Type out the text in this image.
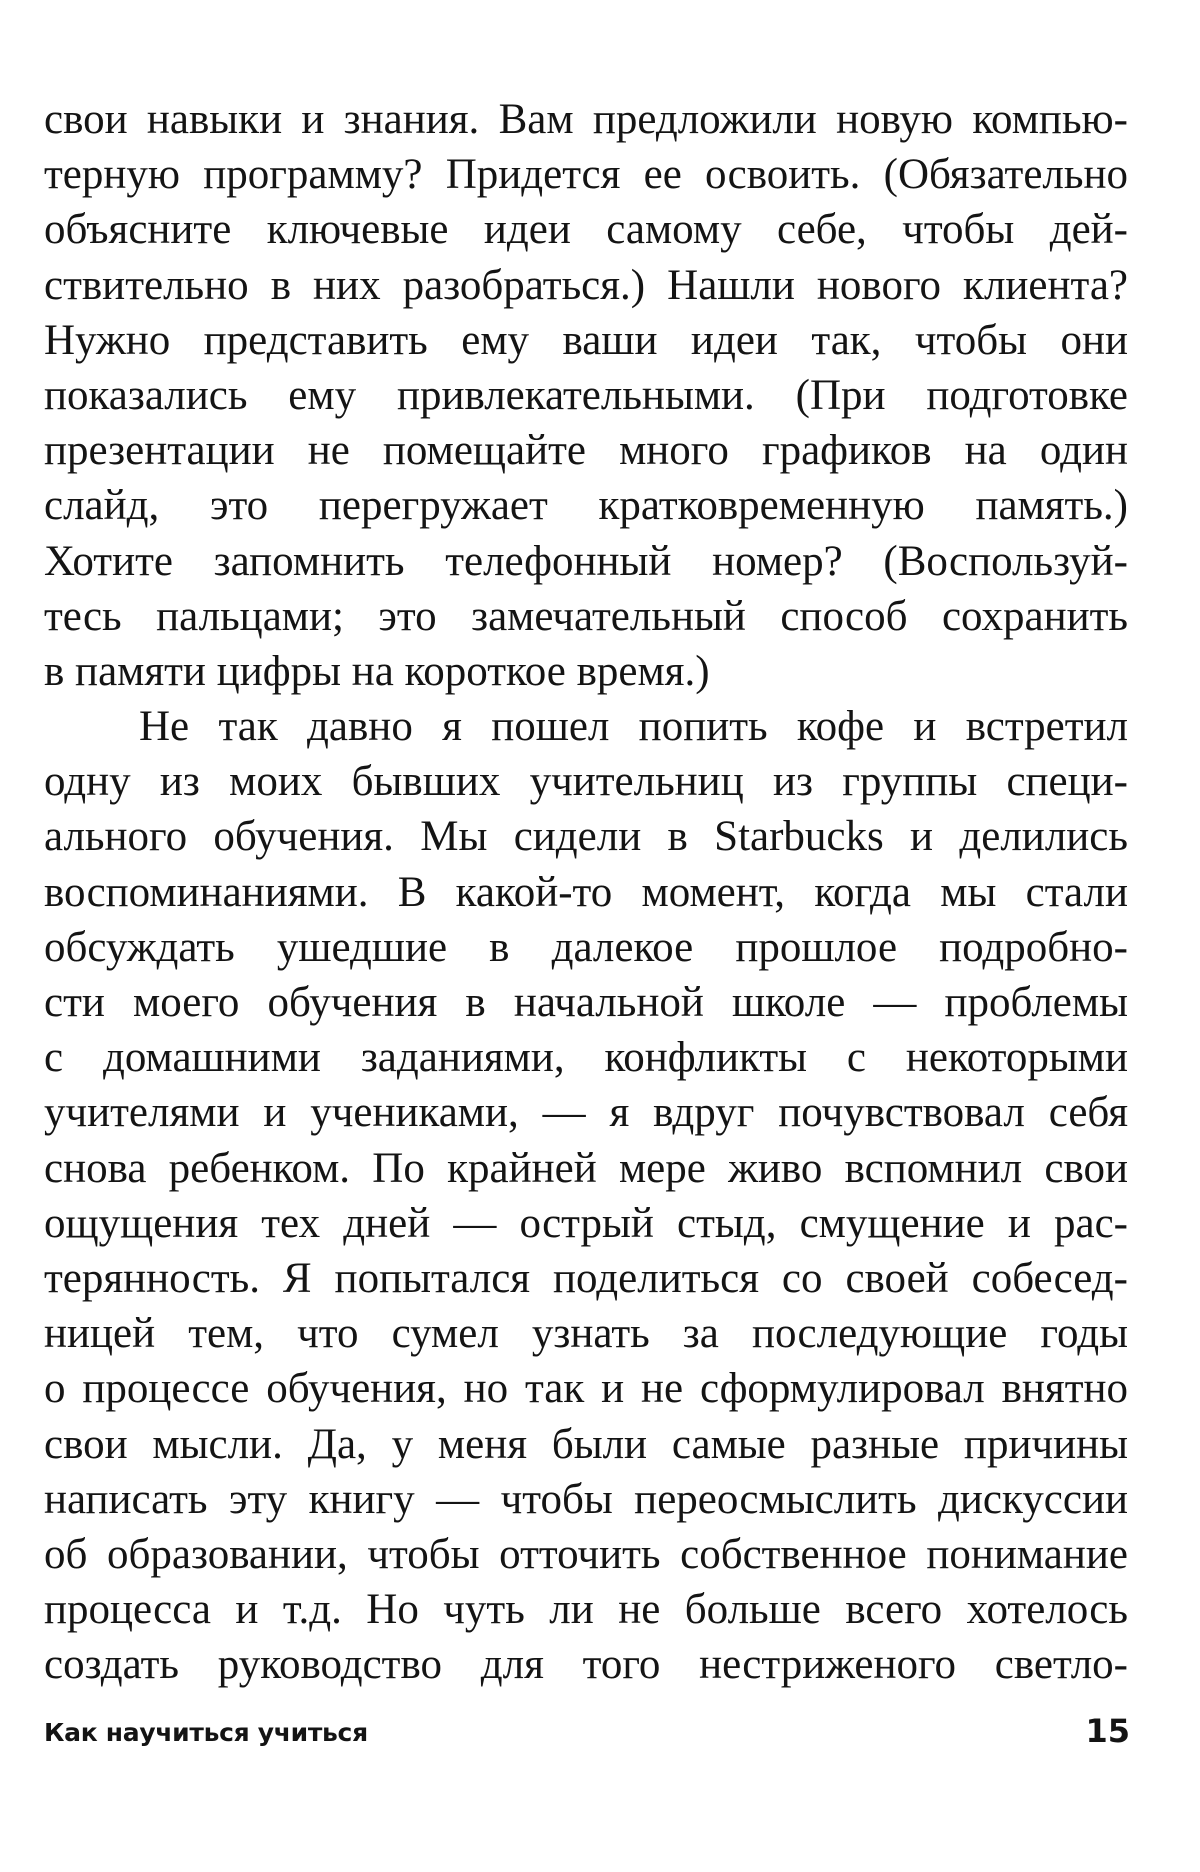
свои навыки и знания. Вам предложили новую компью-
терную программу? Придется ее освоить. (Обязательно
объясните ключевые идеи самому себе, чтобы дей-
ствительно в них разобраться.) Нашли нового клиента?
Нужно представить ему ваши идеи так, чтобы они
показались ему привлекательными. (При подготовке
презентации не помещайте много графиков на один
слайд, это перегружает кратковременную память.)
Хотите запомнить телефонный номер? (Воспользуй-
тесь пальцами; это замечательный способ сохранить
в памяти цифры на короткое время.)
Не так давно я пошел попить кофе и встретил
одну из моих бывших учительниц из группы специ-
ального обучения. Мы сидели в Starbucks и делились
воспоминаниями. В какой-то момент, когда мы стали
обсуждать ушедшие в далекое прошлое подробно-
сти моего обучения в начальной школе — проблемы
с домашними заданиями, конфликты с некоторыми
учителями и учениками, — я вдруг почувствовал себя
снова ребенком. По крайней мере живо вспомнил свои
ощущения тех дней — острый стыд, смущение и рас-
терянность. Я попытался поделиться со своей собесед-
ницей тем, что сумел узнать за последующие годы
о процессе обучения, но так и не сформулировал внятно
свои мысли. Да, у меня были самые разные причины
написать эту книгу — чтобы переосмыслить дискуссии
об образовании, чтобы отточить собственное понимание
процесса и т.д. Но чуть ли не больше всего хотелось
создать руководство для того нестриженого светло-
Как научиться учиться	15
